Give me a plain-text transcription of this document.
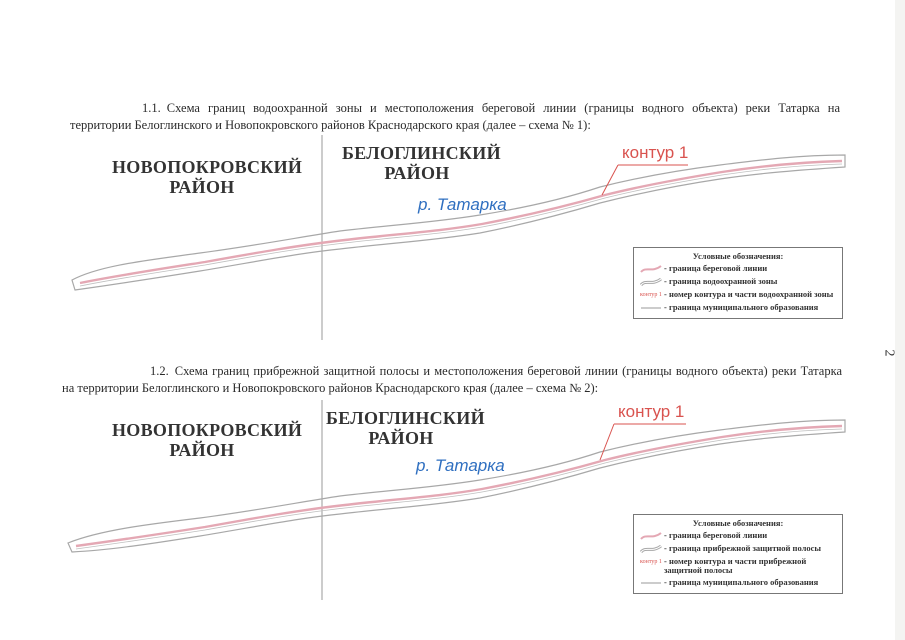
1.1. Схема границ водоохранной зоны и местоположения береговой линии (границы водного объекта) реки Татарка на территории Белоглинского и Новопокровского районов Краснодарского края (далее – схема № 1):
НОВОПОКРОВСКИЙ
РАЙОН
БЕЛОГЛИНСКИЙ
РАЙОН
р. Татарка
контур 1
Условные обозначения:
- граница береговой линии
- граница водоохранной зоны
контур 1 - номер контура и части водоохранной зоны
- граница муниципального образования
2
1.2. Схема границ прибрежной защитной полосы и местоположения береговой линии (границы водного объекта) реки Татарка на территории Белоглинского и Новопокровского районов Краснодарского края (далее – схема № 2):
НОВОПОКРОВСКИЙ
РАЙОН
БЕЛОГЛИНСКИЙ
РАЙОН
р. Татарка
контур 1
Условные обозначения:
- граница береговой линии
- граница прибрежной защитной полосы
контур 1 - номер контура и части прибрежной защитной полосы
- граница муниципального образования
